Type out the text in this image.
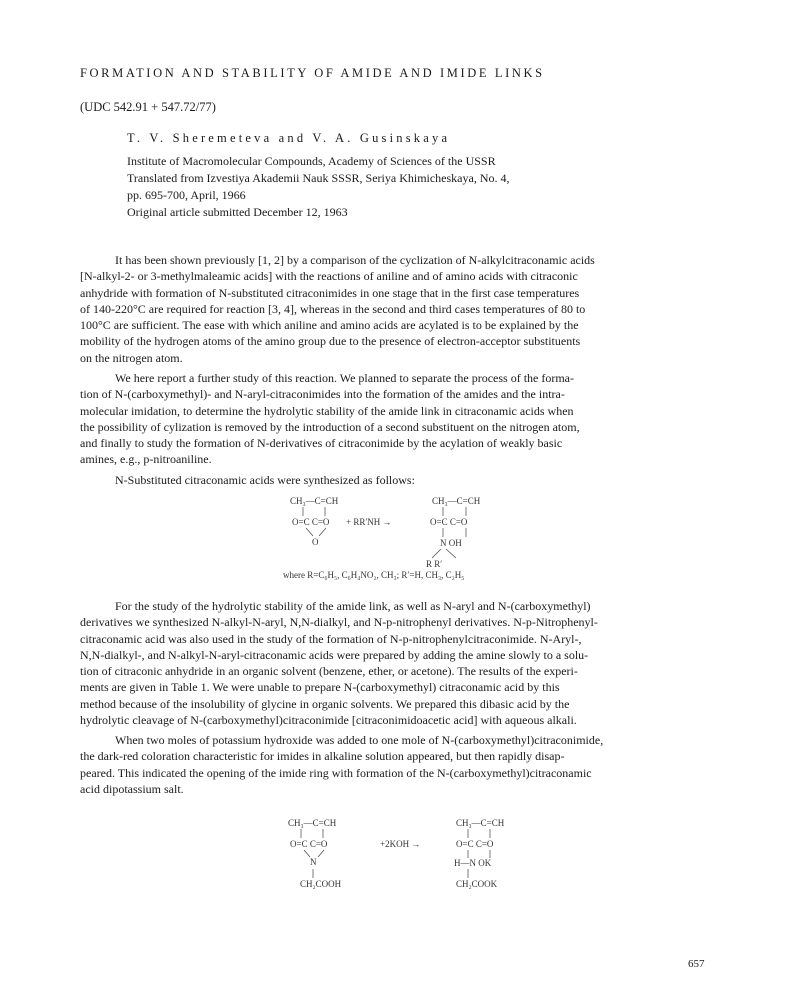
FORMATION AND STABILITY OF AMIDE AND IMIDE LINKS
(UDC 542.91 + 547.72/77)
T. V. Sheremeteva and V. A. Gusinskaya
Institute of Macromolecular Compounds, Academy of Sciences of the USSR
Translated from Izvestiya Akademii Nauk SSSR, Seriya Khimicheskaya, No. 4,
pp. 695-700, April, 1966
Original article submitted December 12, 1963
It has been shown previously [1, 2] by a comparison of the cyclization of N-alkylcitraconamic acids
[N-alkyl-2- or 3-methylmaleamic acids] with the reactions of aniline and of amino acids with citraconic
anhydride with formation of N-substituted citraconimides in one stage that in the first case temperatures
of 140-220°C are required for reaction [3, 4], whereas in the second and third cases temperatures of 80 to
100°C are sufficient. The ease with which aniline and amino acids are acylated is to be explained by the
mobility of the hydrogen atoms of the amino group due to the presence of electron-acceptor substituents
on the nitrogen atom.
We here report a further study of this reaction. We planned to separate the process of the forma-
tion of N-(carboxymethyl)- and N-aryl-citraconimides into the formation of the amides and the intra-
molecular imidation, to determine the hydrolytic stability of the amide link in citraconamic acids when
the possibility of cylization is removed by the introduction of a second substituent on the nitrogen atom,
and finally to study the formation of N-derivatives of citraconimide by the acylation of weakly basic
amines, e.g., p-nitroaniline.
N-Substituted citraconamic acids were synthesized as follows:
CH₃—C=CH
O=C C=O
O
+ RR′NH →
CH₃—C=CH
O=C C=O
N OH
R R′
where R=C₆H₅, C₆H₄NO₂, CH₃; R′=H, CH₃, C₂H₅
For the study of the hydrolytic stability of the amide link, as well as N-aryl and N-(carboxymethyl)
derivatives we synthesized N-alkyl-N-aryl, N,N-dialkyl, and N-p-nitrophenyl derivatives. N-p-Nitrophenyl-
citraconamic acid was also used in the study of the formation of N-p-nitrophenylcitraconimide. N-Aryl-,
N,N-dialkyl-, and N-alkyl-N-aryl-citraconamic acids were prepared by adding the amine slowly to a solu-
tion of citraconic anhydride in an organic solvent (benzene, ether, or acetone). The results of the experi-
ments are given in Table 1. We were unable to prepare N-(carboxymethyl) citraconamic acid by this
method because of the insolubility of glycine in organic solvents. We prepared this dibasic acid by the
hydrolytic cleavage of N-(carboxymethyl)citraconimide [citraconimidoacetic acid] with aqueous alkali.
When two moles of potassium hydroxide was added to one mole of N-(carboxymethyl)citraconimide,
the dark-red coloration characteristic for imides in alkaline solution appeared, but then rapidly disap-
peared. This indicated the opening of the imide ring with formation of the N-(carboxymethyl)citraconamic
acid dipotassium salt.
CH₃—C=CH
O=C C=O
N
CH₂COOH
+2KOH →
CH₃—C=CH
O=C C=O
H—N OK
CH₂COOK
657
